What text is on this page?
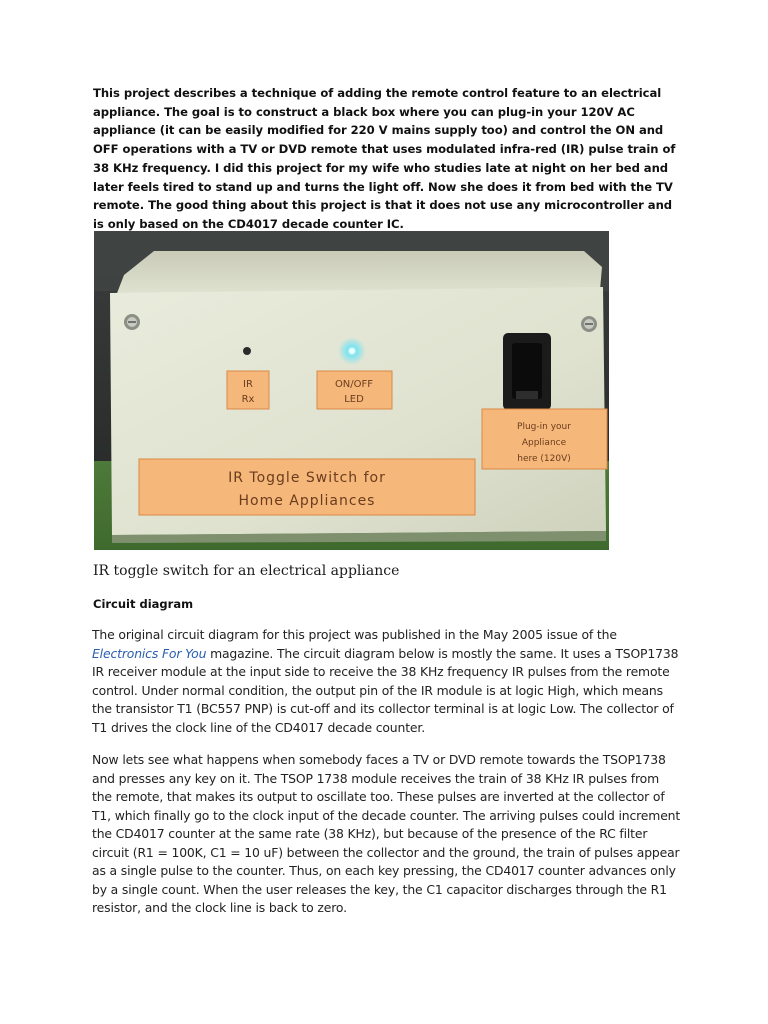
This project describes a technique of adding the remote control feature to an electrical appliance. The goal is to construct a black box where you can plug-in your 120V AC appliance (it can be easily modified for 220 V mains supply too) and control the ON and OFF operations with a TV or DVD remote that uses modulated infra-red (IR) pulse train of 38 KHz frequency. I did this project for my wife who studies late at night on her bed and later feels tired to stand up and turns the light off. Now she does it from bed with the TV remote. The good thing about this project is that it does not use any microcontroller and is only based on the CD4017 decade counter IC.
IR
Rx
ON/OFF
LED
Plug-in your
Appliance
here (120V)
IR Toggle Switch for
Home Appliances
IR toggle switch for an electrical appliance
Circuit diagram
The original circuit diagram for this project was published in the May 2005 issue of the Electronics For You magazine. The circuit diagram below is mostly the same. It uses a TSOP1738 IR receiver module at the input side to receive the 38 KHz frequency IR pulses from the remote control. Under normal condition, the output pin of the IR module is at logic High, which means the transistor T1 (BC557 PNP) is cut-off and its collector terminal is at logic Low. The collector of T1 drives the clock line of the CD4017 decade counter.
Now lets see what happens when somebody faces a TV or DVD remote towards the TSOP1738 and presses any key on it. The TSOP 1738 module receives the train of 38 KHz IR pulses from the remote, that makes its output to oscillate too. These pulses are inverted at the collector of T1, which finally go to the clock input of the decade counter. The arriving pulses could increment the CD4017 counter at the same rate (38 KHz), but because of the presence of the RC filter circuit (R1 = 100K, C1 = 10 uF) between the collector and the ground, the train of pulses appear as a single pulse to the counter. Thus, on each key pressing, the CD4017 counter advances only by a single count. When the user releases the key, the C1 capacitor discharges through the R1 resistor, and the clock line is back to zero.
